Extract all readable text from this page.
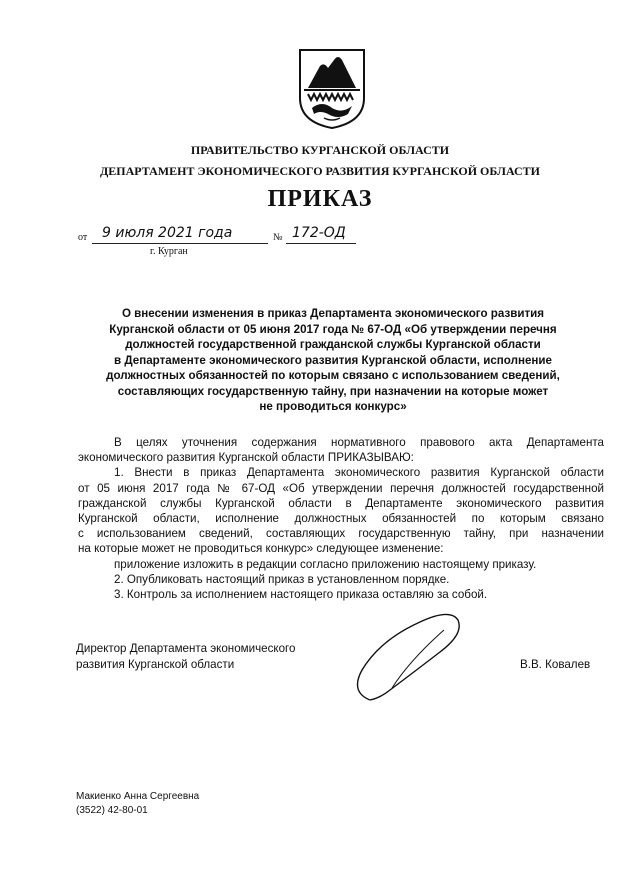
ПРАВИТЕЛЬСТВО КУРГАНСКОЙ ОБЛАСТИ
ДЕПАРТАМЕНТ ЭКОНОМИЧЕСКОГО РАЗВИТИЯ КУРГАНСКОЙ ОБЛАСТИ
ПРИКАЗ
от 9 июля 2021 года	№ 172-ОД
г. Курган
О внесении изменения в приказ Департамента экономического развития
Курганской области от 05 июня 2017 года № 67-ОД «Об утверждении перечня
должностей государственной гражданской службы Курганской области
в Департаменте экономического развития Курганской области, исполнение
должностных обязанностей по которым связано с использованием сведений,
составляющих государственную тайну, при назначении на которые может
не проводиться конкурс»
В целях уточнения содержания нормативного правового акта Департамента
экономического развития Курганской области ПРИКАЗЫВАЮ:
1. Внести в приказ Департамента экономического развития Курганской области
от 05 июня 2017 года № 67-ОД «Об утверждении перечня должностей государственной
гражданской службы Курганской области в Департаменте экономического развития
Курганской области, исполнение должностных обязанностей по которым связано
с использованием сведений, составляющих государственную тайну, при назначении
на которые может не проводиться конкурс» следующее изменение:
приложение изложить в редакции согласно приложению настоящему приказу.
2. Опубликовать настоящий приказ в установленном порядке.
3. Контроль за исполнением настоящего приказа оставляю за собой.
Директор Департамента экономического
развития Курганской области	В.В. Ковалев
Макиенко Анна Сергеевна
(3522) 42-80-01
